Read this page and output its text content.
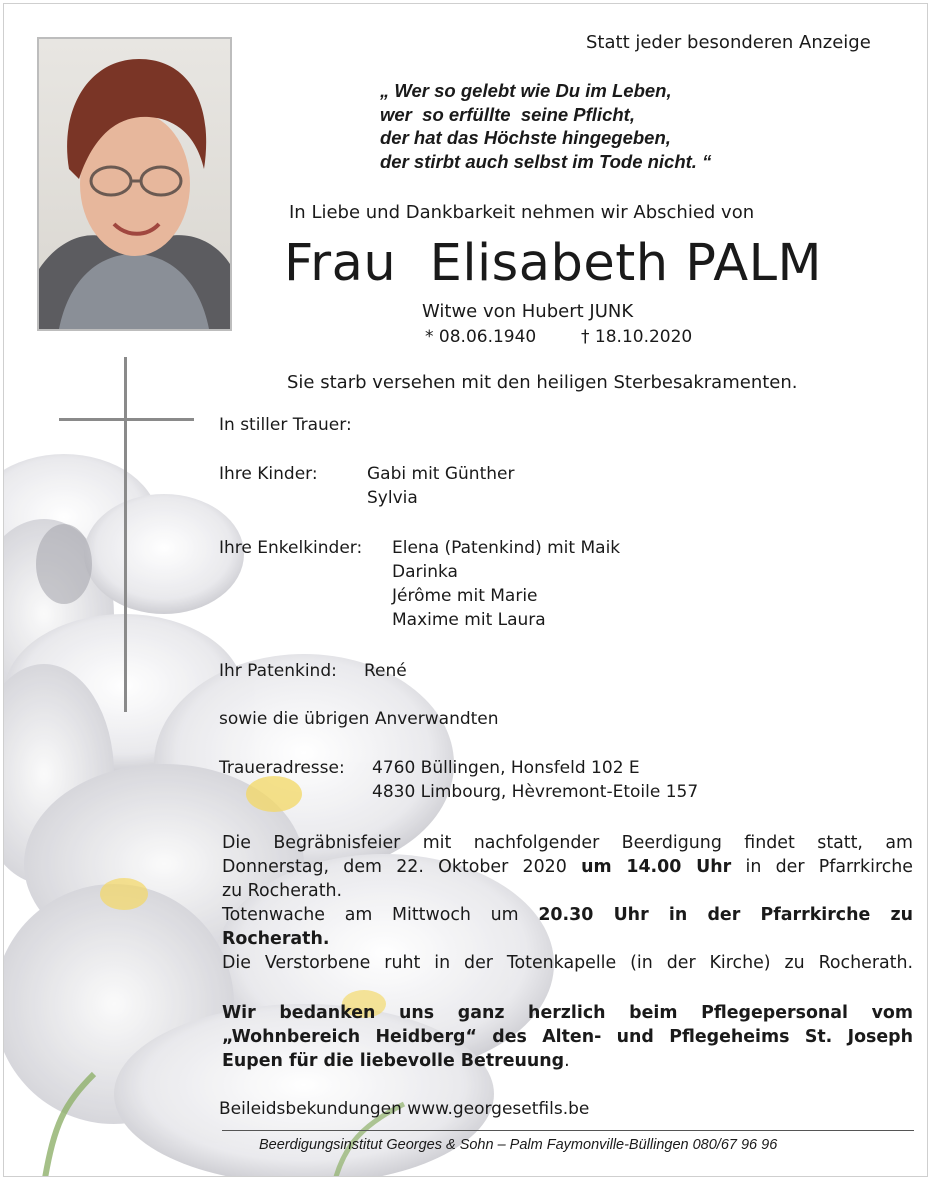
Statt jeder besonderen Anzeige
„ Wer so gelebt wie Du im Leben,
wer  so erfüllte  seine Pflicht,
der hat das Höchste hingegeben,
der stirbt auch selbst im Tode nicht. “
In Liebe und Dankbarkeit nehmen wir Abschied von
Frau  Elisabeth PALM
Witwe von Hubert JUNK
* 08.06.1940	† 18.10.2020
Sie starb versehen mit den heiligen Sterbesakramenten.
In stiller Trauer:
Ihre Kinder:	Gabi mit Günther
Sylvia
Ihre Enkelkinder: Elena (Patenkind) mit Maik
Darinka
Jérôme mit Marie
Maxime mit Laura
Ihr Patenkind: René
sowie die übrigen Anverwandten
Traueradresse: 4760 Büllingen, Honsfeld 102 E
4830 Limbourg, Hèvremont-Etoile 157
Die Begräbnisfeier mit nachfolgender Beerdigung findet statt, am
Donnerstag, dem 22. Oktober 2020 um 14.00 Uhr in der Pfarrkirche
zu Rocherath.
Totenwache am Mittwoch um 20.30 Uhr in der Pfarrkirche zu
Rocherath.
Die Verstorbene ruht in der Totenkapelle (in der Kirche) zu Rocherath.
Wir bedanken uns ganz herzlich beim Pflegepersonal vom
„Wohnbereich Heidberg“ des Alten- und Pflegeheims St. Joseph
Eupen für die liebevolle Betreuung.
Beileidsbekundungen www.georgesetfils.be
Beerdigungsinstitut Georges & Sohn – Palm Faymonville-Büllingen 080/67 96 96
